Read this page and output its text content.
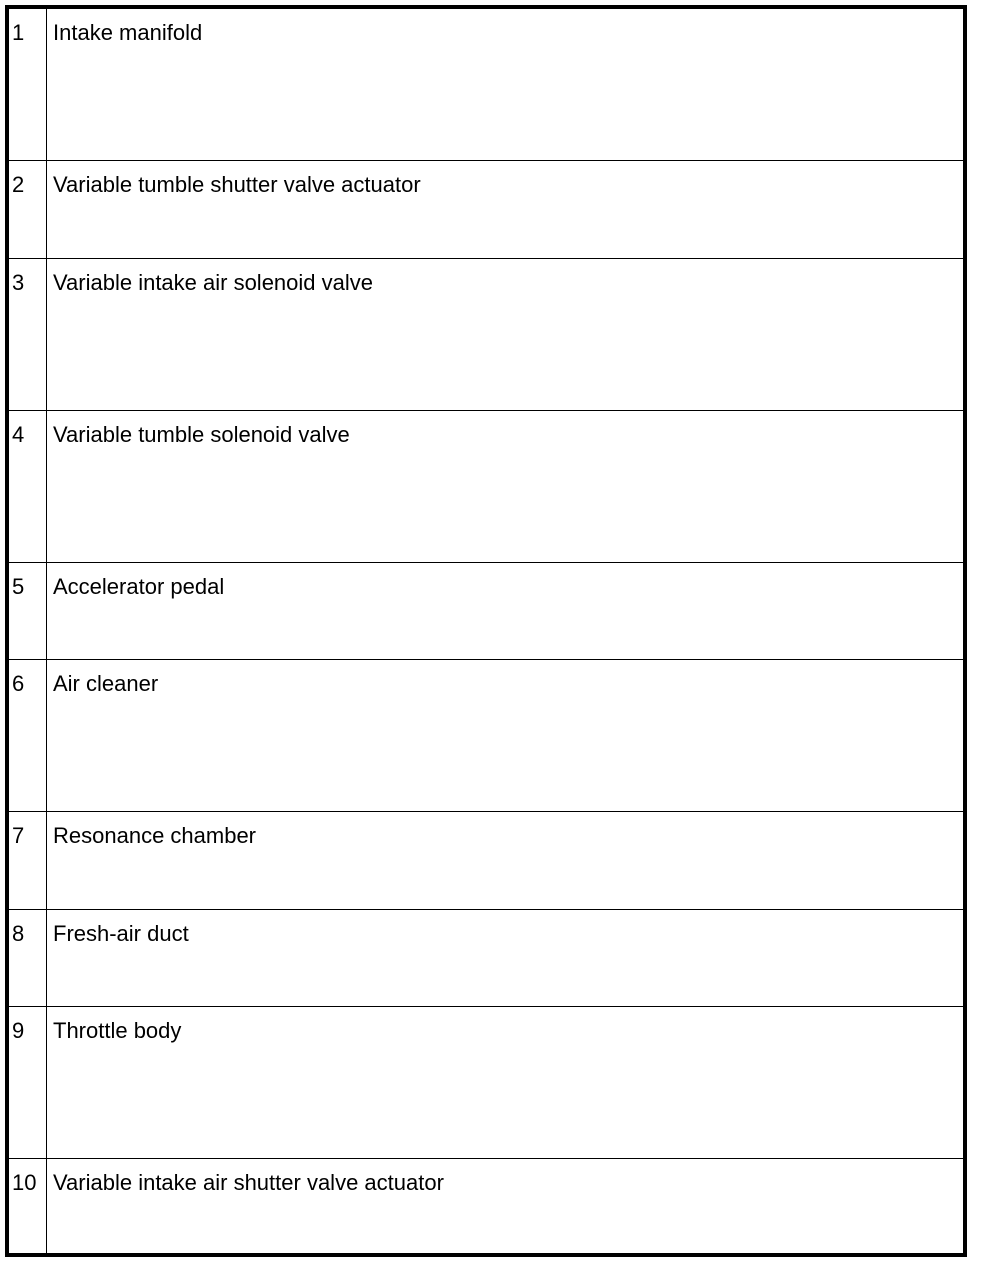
1	Intake manifold
2	Variable tumble shutter valve actuator
3	Variable intake air solenoid valve
4	Variable tumble solenoid valve
5	Accelerator pedal
6	Air cleaner
7	Resonance chamber
8	Fresh-air duct
9	Throttle body
10 Variable intake air shutter valve actuator
